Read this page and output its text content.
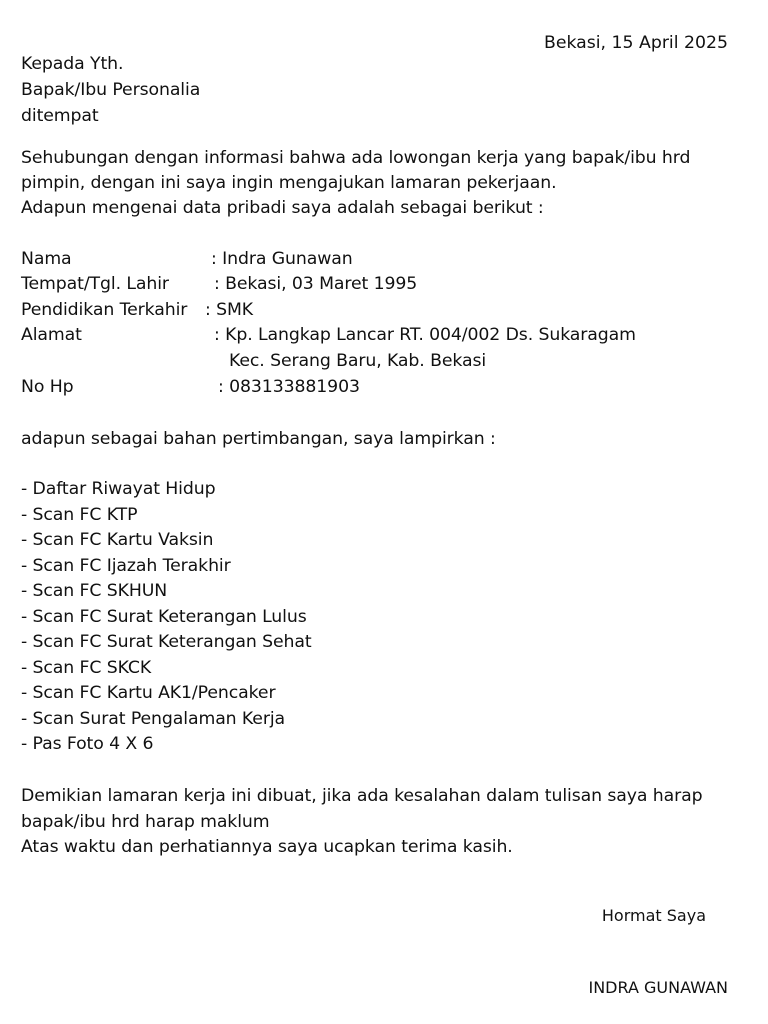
Bekasi, 15 April 2025
Kepada Yth.
Bapak/Ibu Personalia
ditempat
Sehubungan dengan informasi bahwa ada lowongan kerja yang bapak/ibu hrd
pimpin, dengan ini saya ingin mengajukan lamaran pekerjaan.
Adapun mengenai data pribadi saya adalah sebagai berikut :
Nama	: Indra Gunawan
Tempat/Tgl. Lahir	: Bekasi, 03 Maret 1995
Pendidikan Terkahir : SMK
Alamat	: Kp. Langkap Lancar RT. 004/002 Ds. Sukaragam
Kec. Serang Baru, Kab. Bekasi
No Hp	: 083133881903
adapun sebagai bahan pertimbangan, saya lampirkan :
- Daftar Riwayat Hidup
- Scan FC KTP
- Scan FC Kartu Vaksin
- Scan FC Ijazah Terakhir
- Scan FC SKHUN
- Scan FC Surat Keterangan Lulus
- Scan FC Surat Keterangan Sehat
- Scan FC SKCK
- Scan FC Kartu AK1/Pencaker
- Scan Surat Pengalaman Kerja
- Pas Foto 4 X 6
Demikian lamaran kerja ini dibuat, jika ada kesalahan dalam tulisan saya harap
bapak/ibu hrd harap maklum
Atas waktu dan perhatiannya saya ucapkan terima kasih.
Hormat Saya
INDRA GUNAWAN
